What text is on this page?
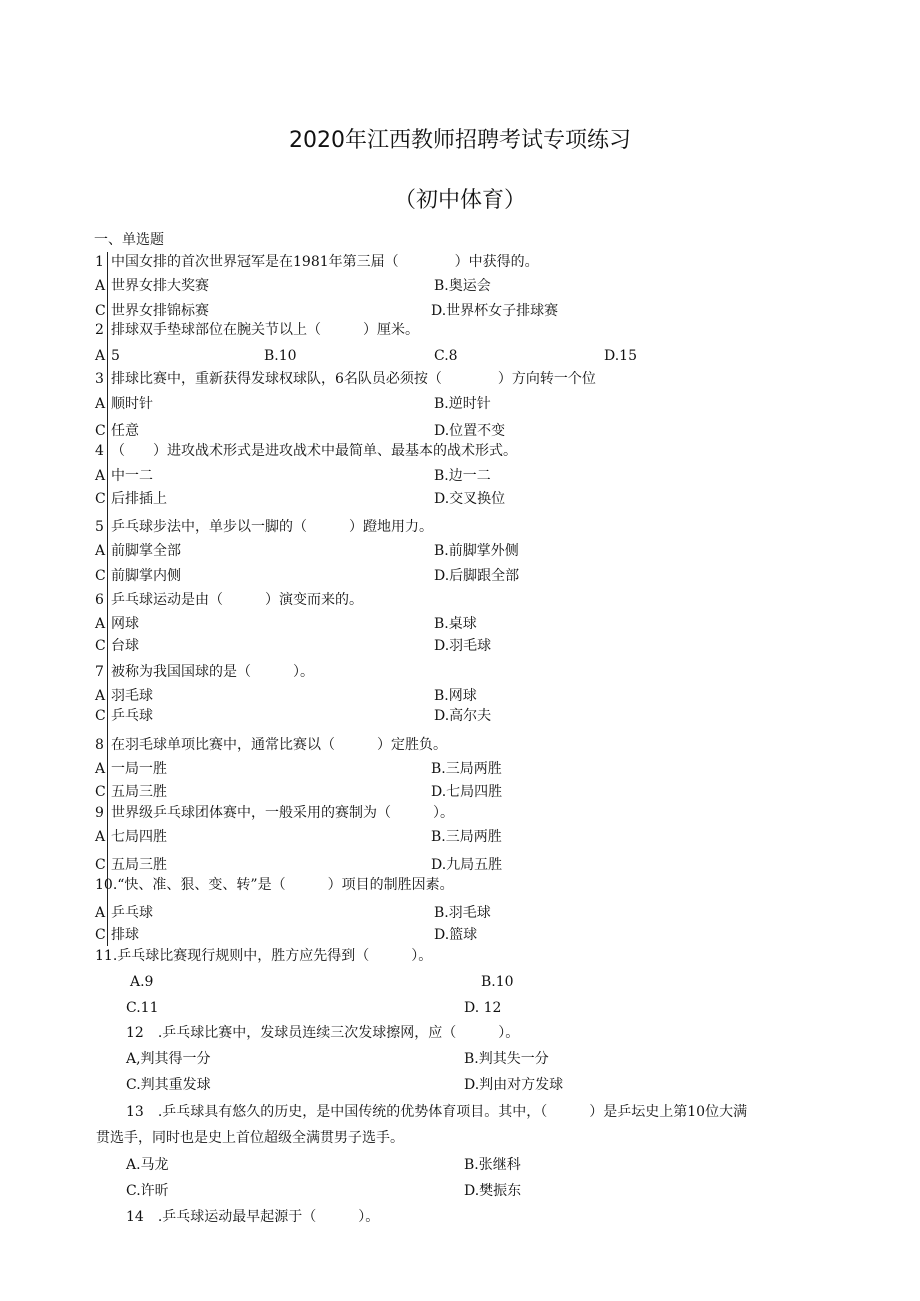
2020年江西教师招聘考试专项练习
（初中体育）
一、单选题
1 中国女排的首次世界冠军是在1981年第三届（　　　　）中获得的。
A 世界女排大奖赛	B.奥运会
C 世界女排锦标赛	D.世界杯女子排球赛
2 排球双手垫球部位在腕关节以上（　　　）厘米。
A 5	B.10	C.8	D.15
3 排球比赛中，重新获得发球权球队，6名队员必须按（　　　　）方向转一个位
A 顺时针	B.逆时针
C 任意	D.位置不变
4 （　　）进攻战术形式是进攻战术中最简单、最基本的战术形式。
A 中一二	B.边一二
C 后排插上	D.交叉换位
5 乒乓球步法中，单步以一脚的（　　　）蹬地用力。
A 前脚掌全部	B.前脚掌外侧
C 前脚掌内侧	D.后脚跟全部
6 乒乓球运动是由（　　　）演变而来的。
A 网球	B.桌球
C 台球	D.羽毛球
7 被称为我国国球的是（　　　）。
A 羽毛球	B.网球
C 乒乓球	D.高尔夫
8 在羽毛球单项比赛中，通常比赛以（　　　）定胜负。
A 一局一胜	B.三局两胜
C 五局三胜	D.七局四胜
9 世界级乒乓球团体赛中，一般采用的赛制为（　　　）。
A 七局四胜	B.三局两胜
C 五局三胜	D.九局五胜
10.“快、准、狠、变、转”是（　　　）项目的制胜因素。
A 乒乓球	B.羽毛球
C 排球	D.篮球
11.乒乓球比赛现行规则中，胜方应先得到（　　　）。
A.9	B.10
C.11	D. 12
12　.乒乓球比赛中，发球员连续三次发球擦网，应（　　　）。
A,判其得一分	B.判其失一分
C.判其重发球	D.判由对方发球
13　.乒乓球具有悠久的历史，是中国传统的优势体育项目。其中，（　　　）是乒坛史上第10位大满
贯选手，同时也是史上首位超级全满贯男子选手。
A.马龙	B.张继科
C.许昕	D.樊振东
14　.乒乓球运动最早起源于（　　　）。
